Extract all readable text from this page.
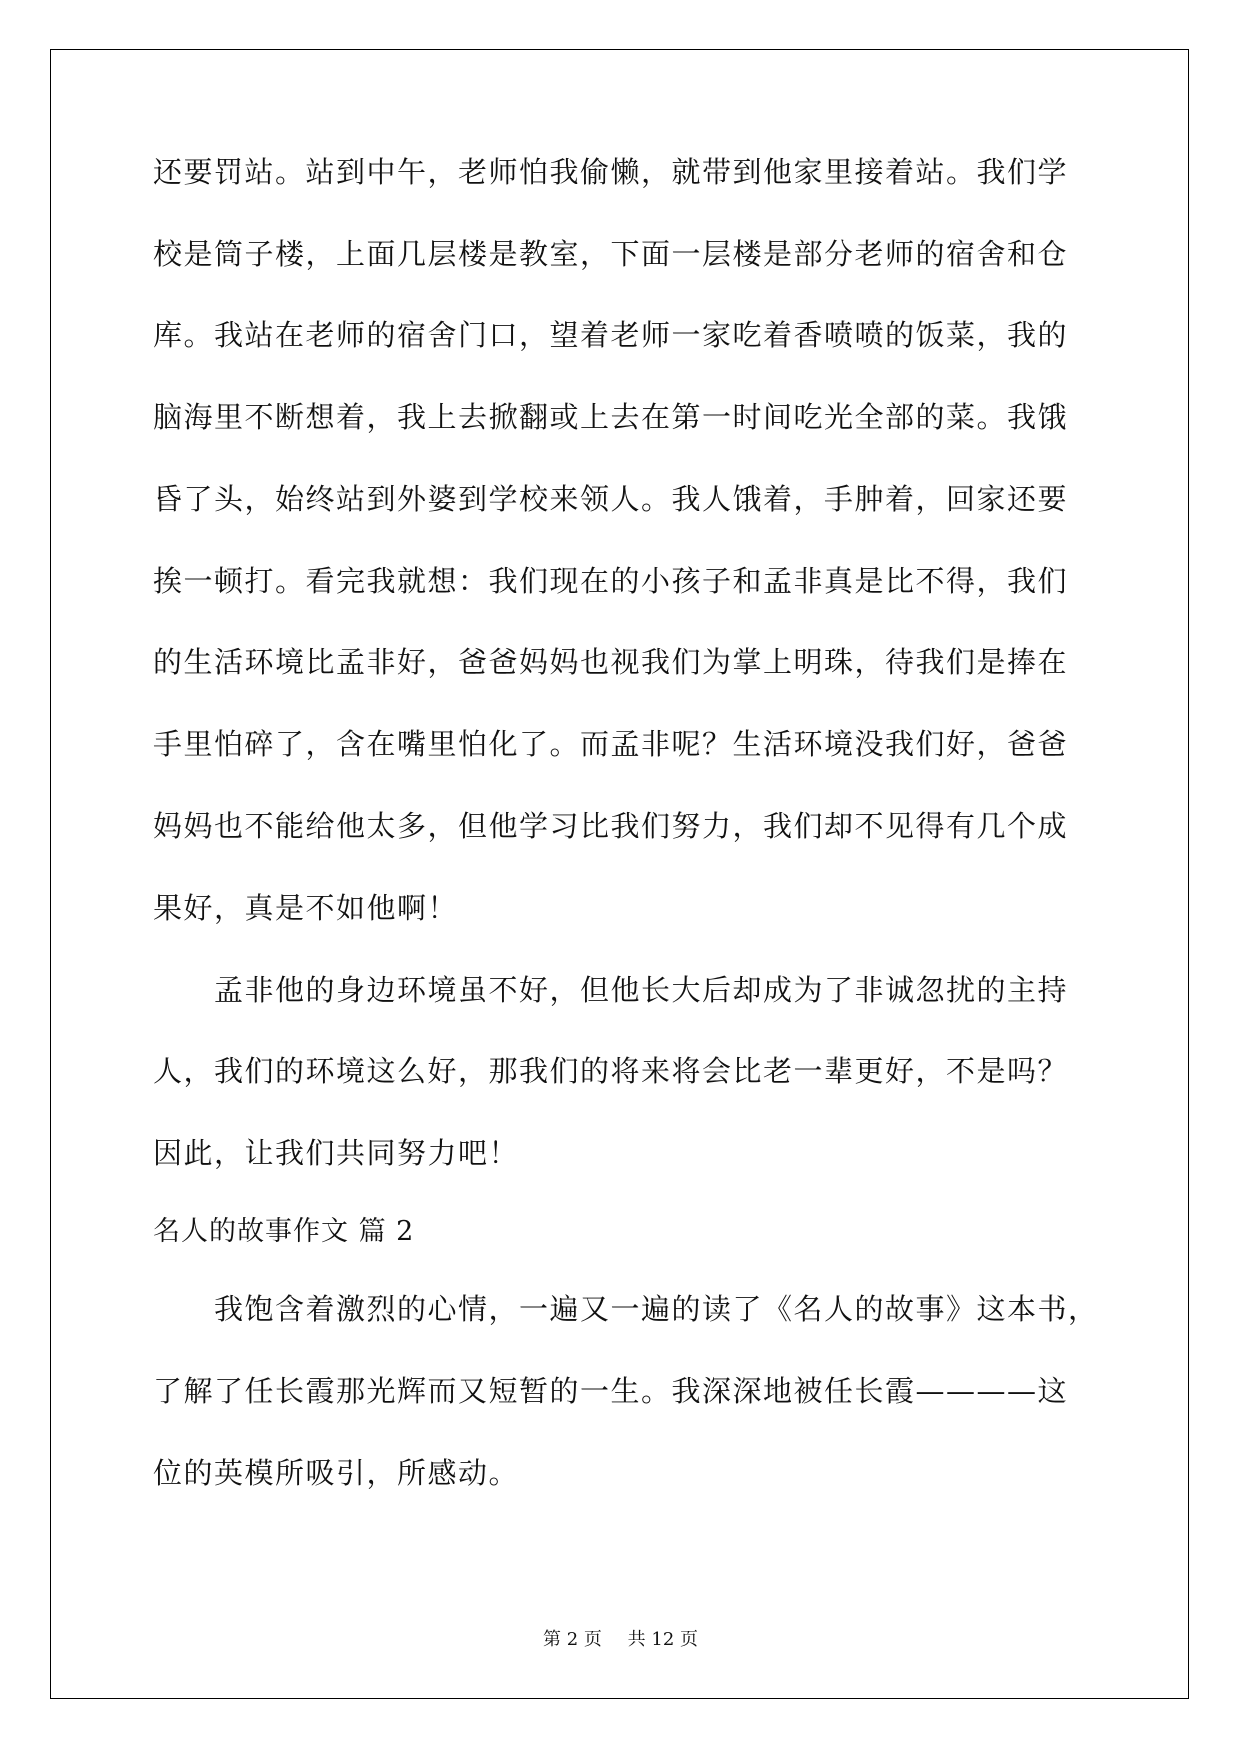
还要罚站。站到中午，老师怕我偷懒，就带到他家里接着站。我们学
校是筒子楼，上面几层楼是教室，下面一层楼是部分老师的宿舍和仓
库。我站在老师的宿舍门口，望着老师一家吃着香喷喷的饭菜，我的
脑海里不断想着，我上去掀翻或上去在第一时间吃光全部的菜。我饿
昏了头，始终站到外婆到学校来领人。我人饿着，手肿着，回家还要
挨一顿打。看完我就想：我们现在的小孩子和孟非真是比不得，我们
的生活环境比孟非好，爸爸妈妈也视我们为掌上明珠，待我们是捧在
手里怕碎了，含在嘴里怕化了。而孟非呢？生活环境没我们好，爸爸
妈妈也不能给他太多，但他学习比我们努力，我们却不见得有几个成
果好，真是不如他啊！
　　孟非他的身边环境虽不好，但他长大后却成为了非诚忽扰的主持
人，我们的环境这么好，那我们的将来将会比老一辈更好，不是吗？
因此，让我们共同努力吧！
名人的故事作文 篇 2
　　我饱含着激烈的心情，一遍又一遍的读了《名人的故事》这本书，
了解了任长霞那光辉而又短暂的一生。我深深地被任长霞————这
位的英模所吸引，所感动。
第 2 页 共 12 页
